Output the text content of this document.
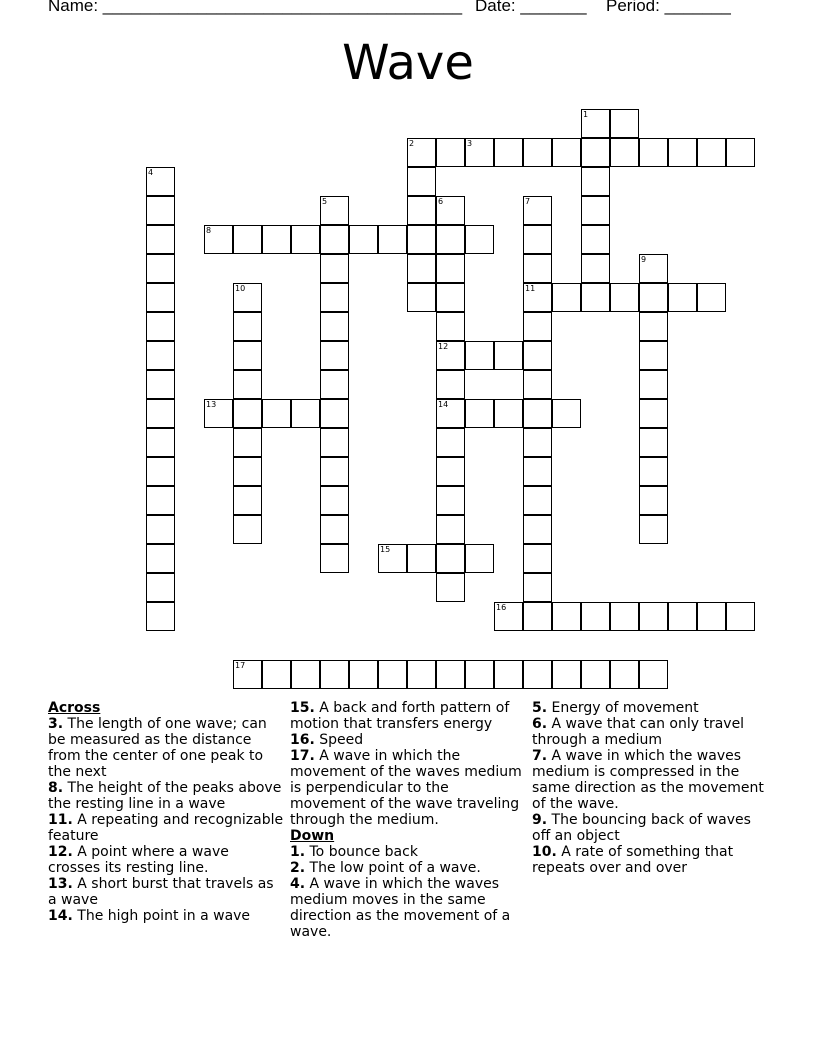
Name: ______________________________________ Date: _______ Period: _______
Wave
1
2	3
4
5	6	7
8
9
10	11
12
13	14
15
16
17
Across
3. The length of one wave; can be measured as the distance from the center of one peak to the next
8. The height of the peaks above the resting line in a wave
11. A repeating and recognizable feature
12. A point where a wave crosses its resting line.
13. A short burst that travels as a wave
14. The high point in a wave
15. A back and forth pattern of motion that transfers energy
16. Speed
17. A wave in which the movement of the waves medium is perpendicular to the movement of the wave traveling through the medium.
Down
1. To bounce back
2. The low point of a wave.
4. A wave in which the waves medium moves in the same direction as the movement of a wave.
5. Energy of movement
6. A wave that can only travel through a medium
7. A wave in which the waves medium is compressed in the same direction as the movement of the wave.
9. The bouncing back of waves off an object
10. A rate of something that repeats over and over
